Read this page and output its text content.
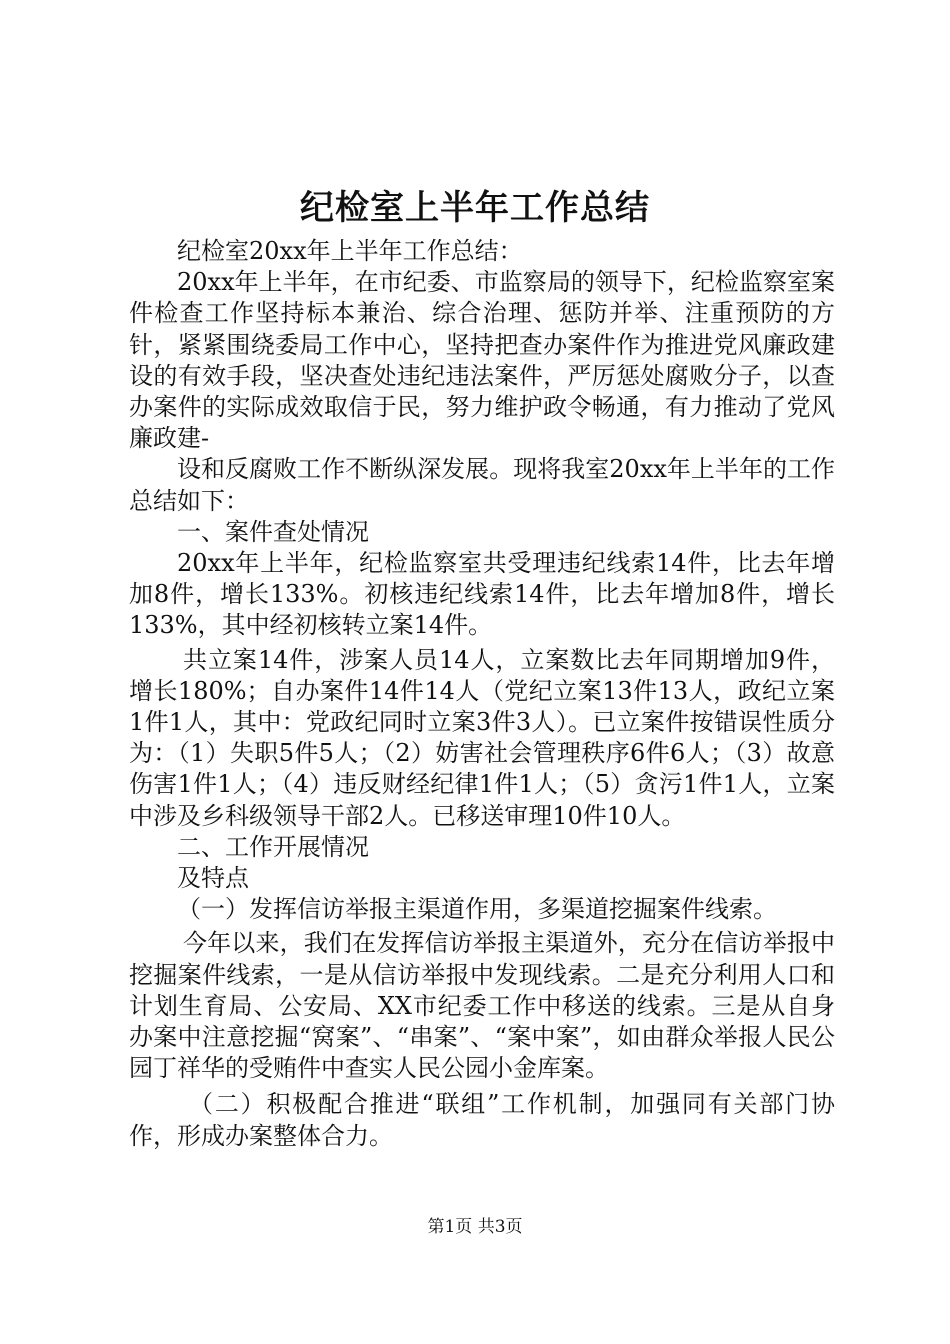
纪检室上半年工作总结

纪检室20xx年上半年工作总结：

20xx年上半年，在市纪委、市监察局的领导下，纪检监察室案件检查工作坚持标本兼治、综合治理、惩防并举、注重预防的方针，紧紧围绕委局工作中心，坚持把查办案件作为推进党风廉政建设的有效手段，坚决查处违纪违法案件，严厉惩处腐败分子，以查办案件的实际成效取信于民，努力维护政令畅通，有力推动了党风廉政建-

设和反腐败工作不断纵深发展。现将我室20xx年上半年的工作总结如下：

一、案件查处情况

20xx年上半年，纪检监察室共受理违纪线索14件，比去年增加8件，增长133%。初核违纪线索14件，比去年增加8件，增长133%，其中经初核转立案14件。

共立案14件，涉案人员14人，立案数比去年同期增加9件，增长180%；自办案件14件14人（党纪立案13件13人，政纪立案1件1人，其中：党政纪同时立案3件3人）。已立案件按错误性质分为：（1）失职5件5人；（2）妨害社会管理秩序6件6人；（3）故意伤害1件1人；（4）违反财经纪律1件1人；（5）贪污1件1人，立案中涉及乡科级领导干部2人。已移送审理10件10人。

二、工作开展情况

及特点

（一）发挥信访举报主渠道作用，多渠道挖掘案件线索。

今年以来，我们在发挥信访举报主渠道外，充分在信访举报中挖掘案件线索，一是从信访举报中发现线索。二是充分利用人口和计划生育局、公安局、XX市纪委工作中移送的线索。三是从自身办案中注意挖掘“窝案”、“串案”、“案中案”，如由群众举报人民公园丁祥华的受贿件中查实人民公园小金库案。

（二）积极配合推进“联组”工作机制，加强同有关部门协作，形成办案整体合力。

第1页 共3页
